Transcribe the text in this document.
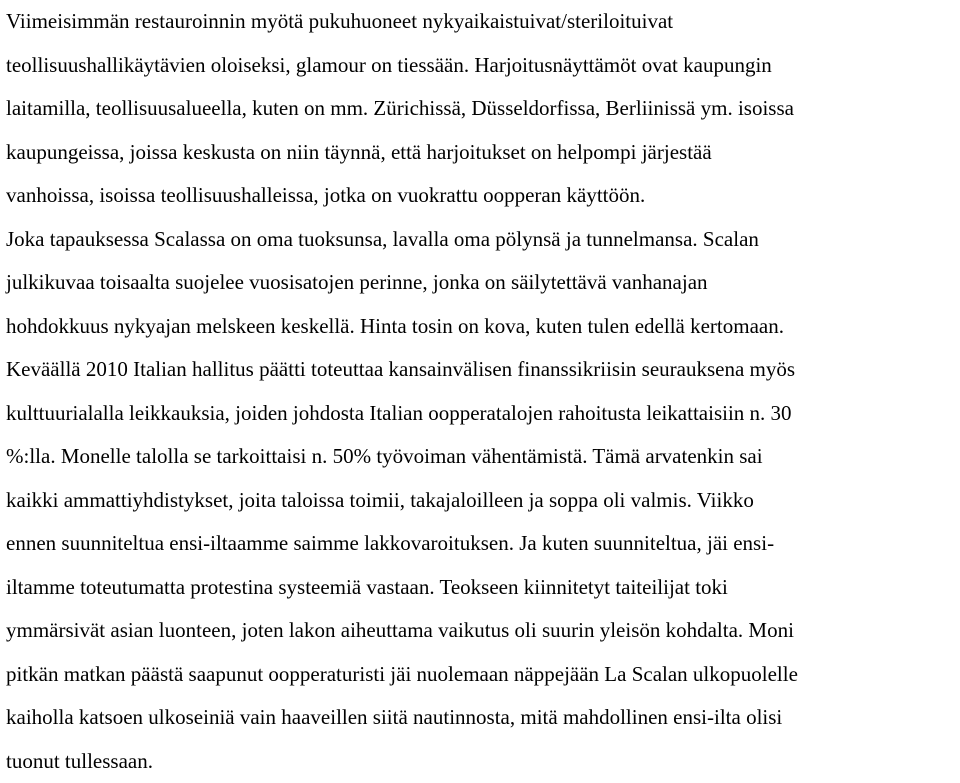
Viimeisimmän restauroinnin myötä pukuhuoneet nykyaikaistuivat/steriloituivat
teollisuushallikäytävien oloiseksi, glamour on tiessään. Harjoitusnäyttämöt ovat kaupungin
laitamilla, teollisuusalueella, kuten on mm. Zürichissä, Düsseldorfissa, Berliinissä ym. isoissa
kaupungeissa, joissa keskusta on niin täynnä, että harjoitukset on helpompi järjestää
vanhoissa, isoissa teollisuushalleissa, jotka on vuokrattu oopperan käyttöön.
Joka tapauksessa Scalassa on oma tuoksunsa, lavalla oma pölynsä ja tunnelmansa. Scalan
julkikuvaa toisaalta suojelee vuosisatojen perinne, jonka on säilytettävä vanhanajan
hohdokkuus nykyajan melskeen keskellä. Hinta tosin on kova, kuten tulen edellä kertomaan.
Keväällä 2010 Italian hallitus päätti toteuttaa kansainvälisen finanssikriisin seurauksena myös
kulttuurialalla leikkauksia, joiden johdosta Italian oopperatalojen rahoitusta leikattaisiin n. 30
%:lla. Monelle talolla se tarkoittaisi n. 50% työvoiman vähentämistä. Tämä arvatenkin sai
kaikki ammattiyhdistykset, joita taloissa toimii, takajaloilleen ja soppa oli valmis. Viikko
ennen suunniteltua ensi-iltaamme saimme lakkovaroituksen. Ja kuten suunniteltua, jäi ensi-
iltamme toteutumatta protestina systeemiä vastaan. Teokseen kiinnitetyt taiteilijat toki
ymmärsivät asian luonteen, joten lakon aiheuttama vaikutus oli suurin yleisön kohdalta. Moni
pitkän matkan päästä saapunut oopperaturisti jäi nuolemaan näppejään La Scalan ulkopuolelle
kaiholla katsoen ulkoseiniä vain haaveillen siitä nautinnosta, mitä mahdollinen ensi-ilta olisi
tuonut tullessaan.
